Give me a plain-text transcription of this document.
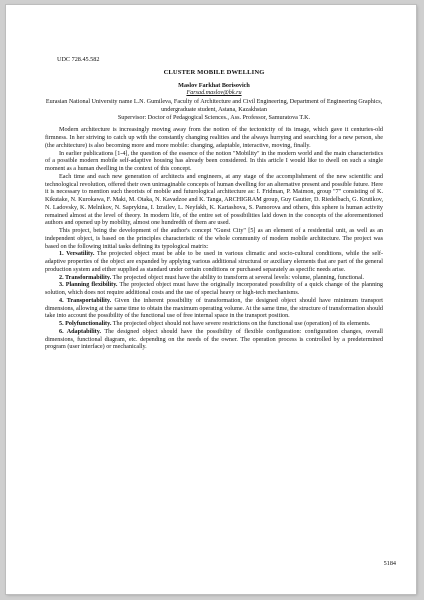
UDC 728.45.582

CLUSTER MOBILE DWELLING

Maslov Farkhat Borisovich

Farsad.maslov@bk.ru

Eurasian National University name L.N. Gumileva, Faculty of Architecture and Civil Engineering, Department of Engineering Graphics, undergraduate student, Astana, Kazakhstan

Supervisor: Doctor of Pedagogical Sciences., Ass. Professor, Samuratova T.K.

Modern architecture is increasingly moving away from the notion of the tectonicity of its image, which gave it centuries-old firmness. In her striving to catch up with the constantly changing realities and the always hurrying and searching for a new person, she (the architecture) is also becoming more and more mobile: changing, adaptable, interactive, moving, finally.

In earlier publications [1-4], the question of the essence of the notion "Mobility" in the modern world and the main characteristics of a possible modern mobile self-adaptive housing has already been considered. In this article I would like to dwell on such a single moment as a human dwelling in the context of this concept.

Each time and each new generation of architects and engineers, at any stage of the accomplishment of the new scientific and technological revolution, offered their own unimaginable concepts of human dwelling for an alternative present and possible future. Here it is necessary to mention such theorists of mobile and futurological architecture as: I. Fridman, P. Maimon, group "7" consisting of K. Kikutake, N. Kurokawa, F. Maki, M. Otaka, N. Kavadzoe and K. Tanga, ARCHIGRAM group, Guy Gautier, D. Riedelbach, G. Krutikov, N. Ladovsky, K. Melnikov, N. Saprykina, I. Izrailev, L. Neyfakh, K. Kartashova, S. Pamorova and others, this sphere is human activity remained almost at the level of theory. In modern life, of the entire set of possibilities laid down in the concepts of the aforementioned authors and opened up by mobility, almost one hundredth of them are used.

This project, being the development of the author's concept "Guest City" [5] as an element of a residential unit, as well as an independent object, is based on the principles characteristic of the whole community of modern mobile architecture. The project was based on the following initial tasks defining its typological matrix:

1. Versatility. The projected object must be able to be used in various climatic and socio-cultural conditions, while the self-adaptive properties of the object are expanded by applying various additional structural or auxiliary elements that are part of the general production system and either supplied as standard under certain conditions or purchased separately as specific needs arise.

2. Transformability. The projected object must have the ability to transform at several levels: volume, planning, functional.

3. Planning flexibility. The projected object must have the originally incorporated possibility of a quick change of the planning solution, which does not require additional costs and the use of special heavy or high-tech mechanisms.

4. Transportability. Given the inherent possibility of transformation, the designed object should have minimum transport dimensions, allowing at the same time to obtain the maximum operating volume. At the same time, the structure of transformation should take into account the possibility of the functional use of free internal space in the transport position.

5. Polyfunctionality. The projected object should not have severe restrictions on the functional use (operation) of its elements.

6. Adaptability. The designed object should have the possibility of flexible configuration: configuration changes, overall dimensions, functional diagram, etc. depending on the needs of the owner. The operation process is controlled by a predetermined program (user interface) or mechanically.

5184
